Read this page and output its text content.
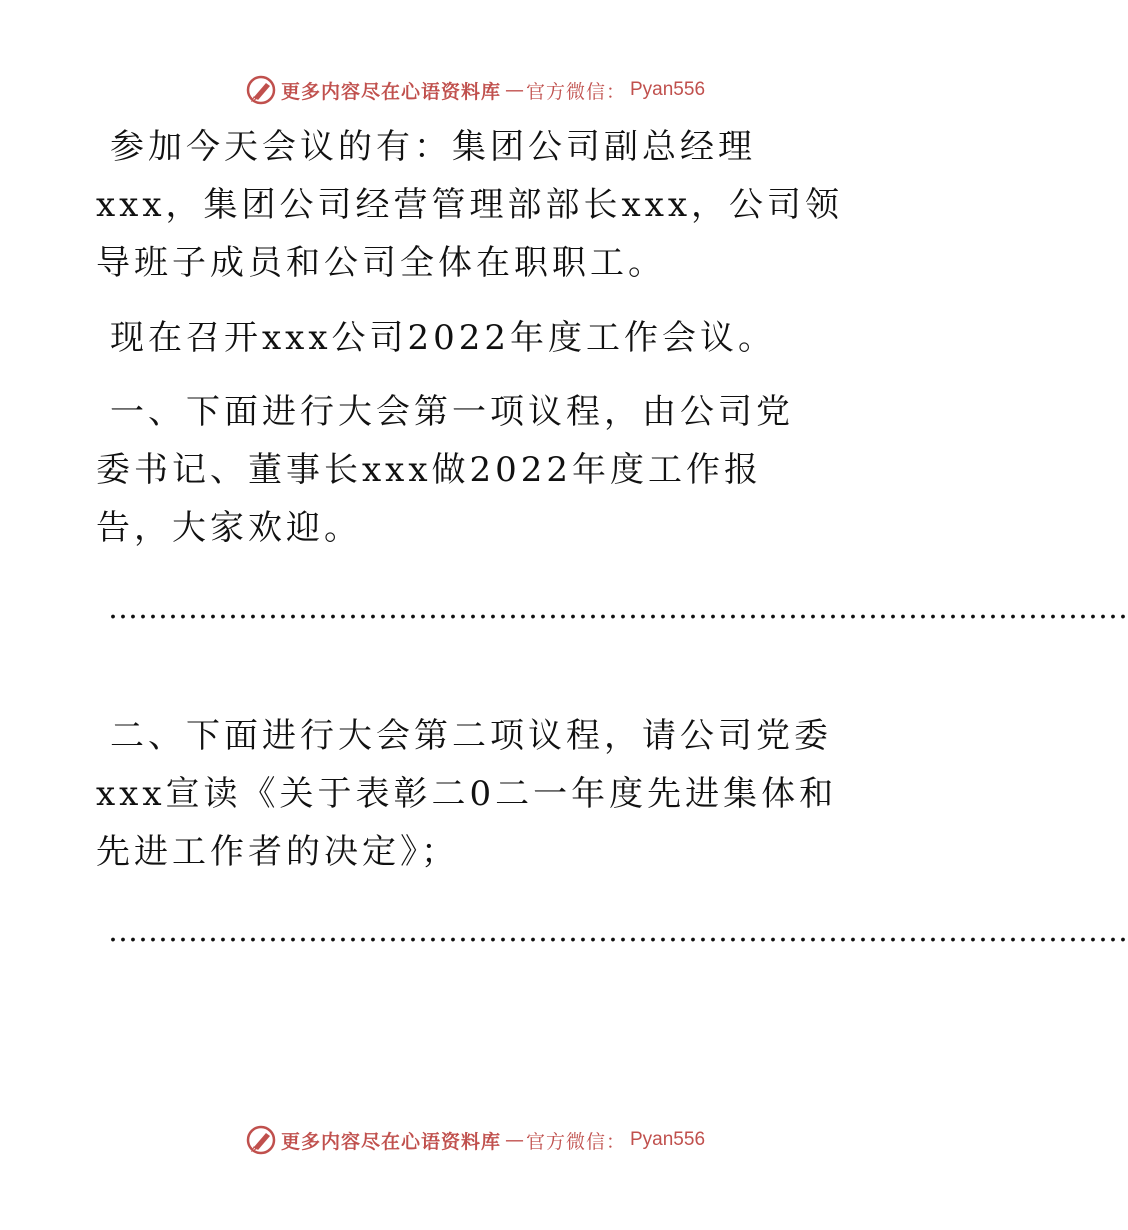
更多内容尽在心语资料库 — 官方微信： Pyan556

参加今天会议的有：集团公司副总经理xxx，集团公司经营管理部部长xxx，公司领导班子成员和公司全体在职职工。

现在召开xxx公司2022年度工作会议。

一、下面进行大会第一项议程，由公司党委书记、董事长xxx做2022年度工作报告，大家欢迎。

…………………………………………………………………………………………

二、下面进行大会第二项议程，请公司党委xxx宣读《关于表彰二0二一年度先进集体和先进工作者的决定》；

…………………………………………………………………………………………

更多内容尽在心语资料库 — 官方微信： Pyan556
